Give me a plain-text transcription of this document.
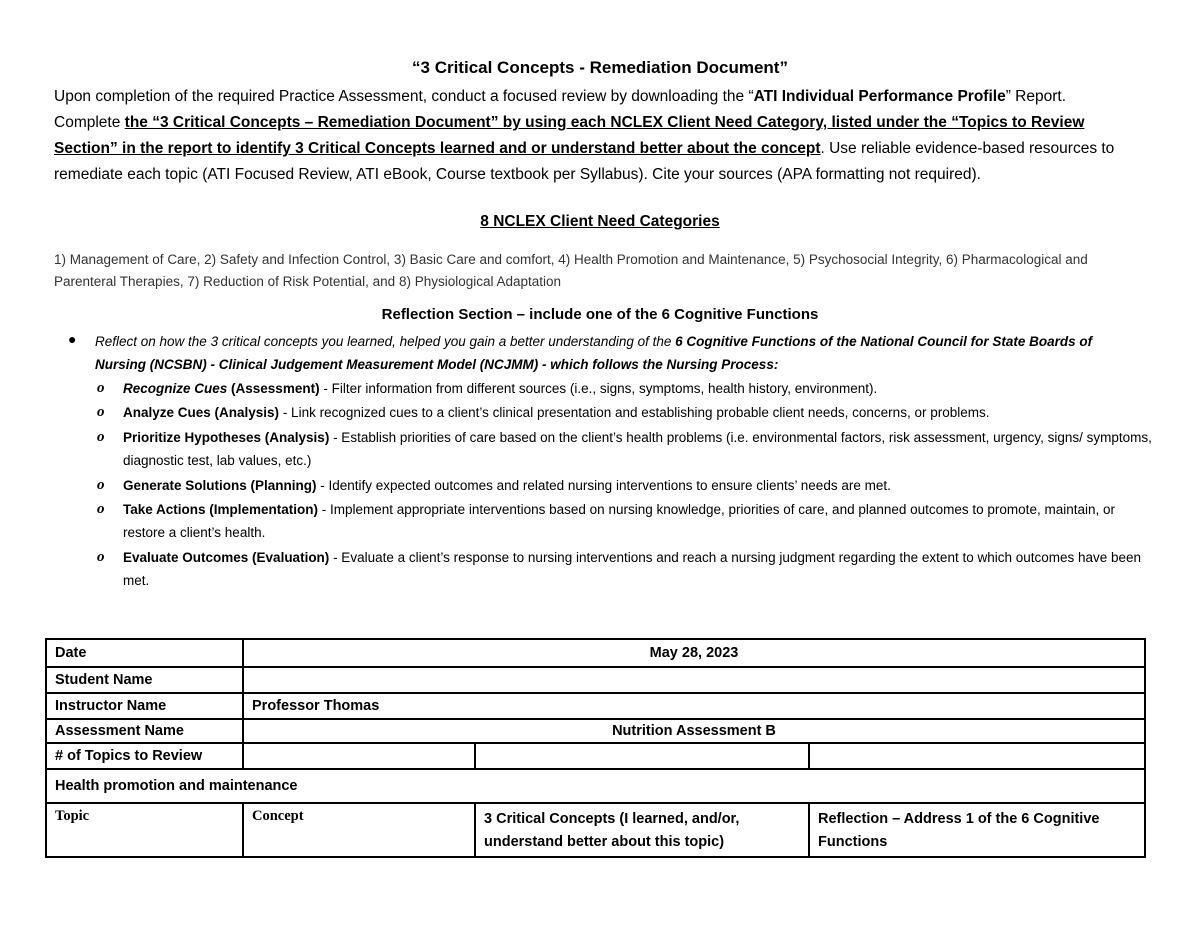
“3 Critical Concepts - Remediation Document”
Upon completion of the required Practice Assessment, conduct a focused review by downloading the “ATI Individual Performance Profile” Report.
Complete the “3 Critical Concepts – Remediation Document” by using each NCLEX Client Need Category, listed under the “Topics to Review Section” in the report to identify 3 Critical Concepts learned and or understand better about the concept. Use reliable evidence-based resources to remediate each topic (ATI Focused Review, ATI eBook, Course textbook per Syllabus). Cite your sources (APA formatting not required).
8 NCLEX Client Need Categories
1) Management of Care, 2) Safety and Infection Control, 3) Basic Care and comfort, 4) Health Promotion and Maintenance, 5) Psychosocial Integrity, 6) Pharmacological and Parenteral Therapies, 7) Reduction of Risk Potential, and 8) Physiological Adaptation
Reflection Section – include one of the 6 Cognitive Functions
● Reflect on how the 3 critical concepts you learned, helped you gain a better understanding of the 6 Cognitive Functions of the National Council for State Boards of Nursing (NCSBN) - Clinical Judgement Measurement Model (NCJMM) - which follows the Nursing Process:
o Recognize Cues (Assessment) - Filter information from different sources (i.e., signs, symptoms, health history, environment).
o Analyze Cues (Analysis) - Link recognized cues to a client’s clinical presentation and establishing probable client needs, concerns, or problems.
o Prioritize Hypotheses (Analysis) - Establish priorities of care based on the client’s health problems (i.e. environmental factors, risk assessment, urgency, signs/ symptoms, diagnostic test, lab values, etc.)
o Generate Solutions (Planning) - Identify expected outcomes and related nursing interventions to ensure clients’ needs are met.
o Take Actions (Implementation) - Implement appropriate interventions based on nursing knowledge, priorities of care, and planned outcomes to promote, maintain, or restore a client’s health.
o Evaluate Outcomes (Evaluation) - Evaluate a client’s response to nursing interventions and reach a nursing judgment regarding the extent to which outcomes have been met.
Date	May 28, 2023		
Student Name			
Instructor Name	Professor Thomas		
Assessment Name	Nutrition Assessment B		
# of Topics to Review			
Health promotion and maintenance			
Topic	Concept	3 Critical Concepts (I learned, and/or, understand better about this topic)	Reflection – Address 1 of the 6 Cognitive Functions
